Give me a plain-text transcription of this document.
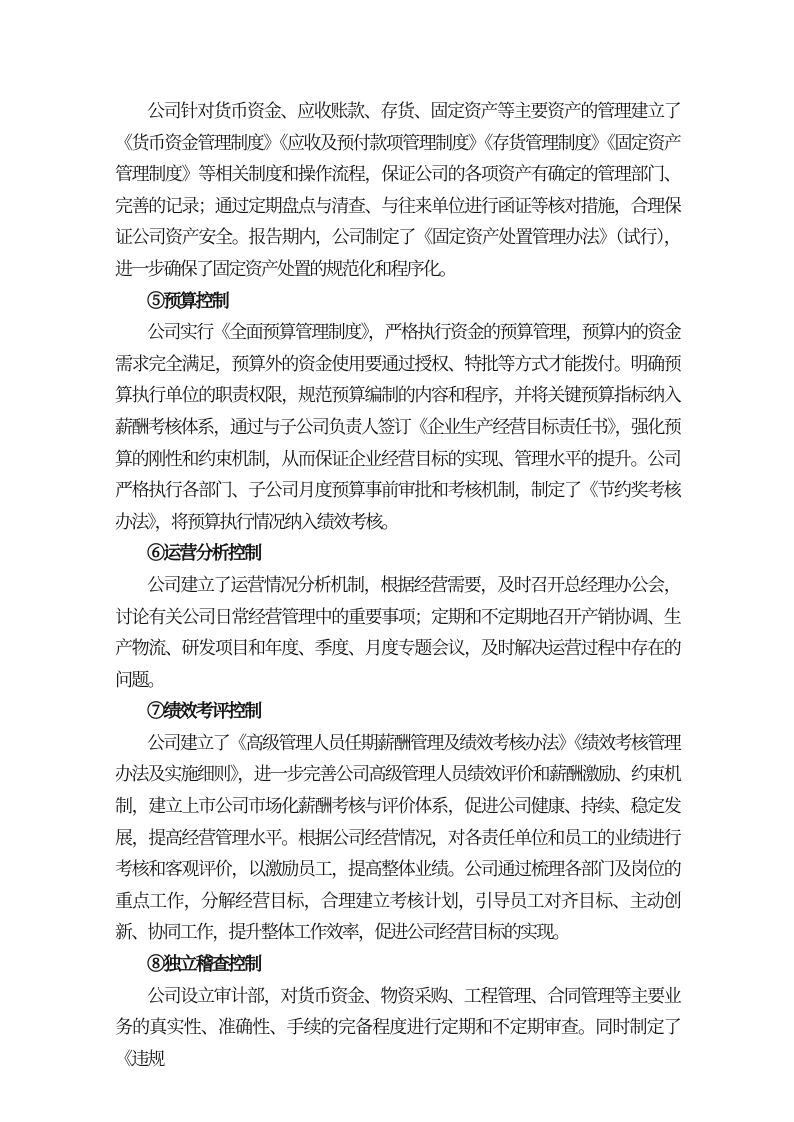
公司针对货币资金、应收账款、存货、固定资产等主要资产的管理建立了《货币资金管理制度》《应收及预付款项管理制度》《存货管理制度》《固定资产管理制度》等相关制度和操作流程，保证公司的各项资产有确定的管理部门、完善的记录；通过定期盘点与清查、与往来单位进行函证等核对措施，合理保证公司资产安全。报告期内，公司制定了《固定资产处置管理办法》（试行），进一步确保了固定资产处置的规范化和程序化。

⑤预算控制

公司实行《全面预算管理制度》，严格执行资金的预算管理，预算内的资金需求完全满足，预算外的资金使用要通过授权、特批等方式才能拨付。明确预算执行单位的职责权限，规范预算编制的内容和程序，并将关键预算指标纳入薪酬考核体系，通过与子公司负责人签订《企业生产经营目标责任书》，强化预算的刚性和约束机制，从而保证企业经营目标的实现、管理水平的提升。公司严格执行各部门、子公司月度预算事前审批和考核机制，制定了《节约奖考核办法》，将预算执行情况纳入绩效考核。

⑥运营分析控制

公司建立了运营情况分析机制，根据经营需要，及时召开总经理办公会，讨论有关公司日常经营管理中的重要事项；定期和不定期地召开产销协调、生产物流、研发项目和年度、季度、月度专题会议，及时解决运营过程中存在的问题。

⑦绩效考评控制

公司建立了《高级管理人员任期薪酬管理及绩效考核办法》《绩效考核管理办法及实施细则》，进一步完善公司高级管理人员绩效评价和薪酬激励、约束机制，建立上市公司市场化薪酬考核与评价体系，促进公司健康、持续、稳定发展，提高经营管理水平。根据公司经营情况，对各责任单位和员工的业绩进行考核和客观评价，以激励员工，提高整体业绩。公司通过梳理各部门及岗位的重点工作，分解经营目标，合理建立考核计划，引导员工对齐目标、主动创新、协同工作，提升整体工作效率，促进公司经营目标的实现。

⑧独立稽查控制

公司设立审计部，对货币资金、物资采购、工程管理、合同管理等主要业务的真实性、准确性、手续的完备程度进行定期和不定期审查。同时制定了《违规
